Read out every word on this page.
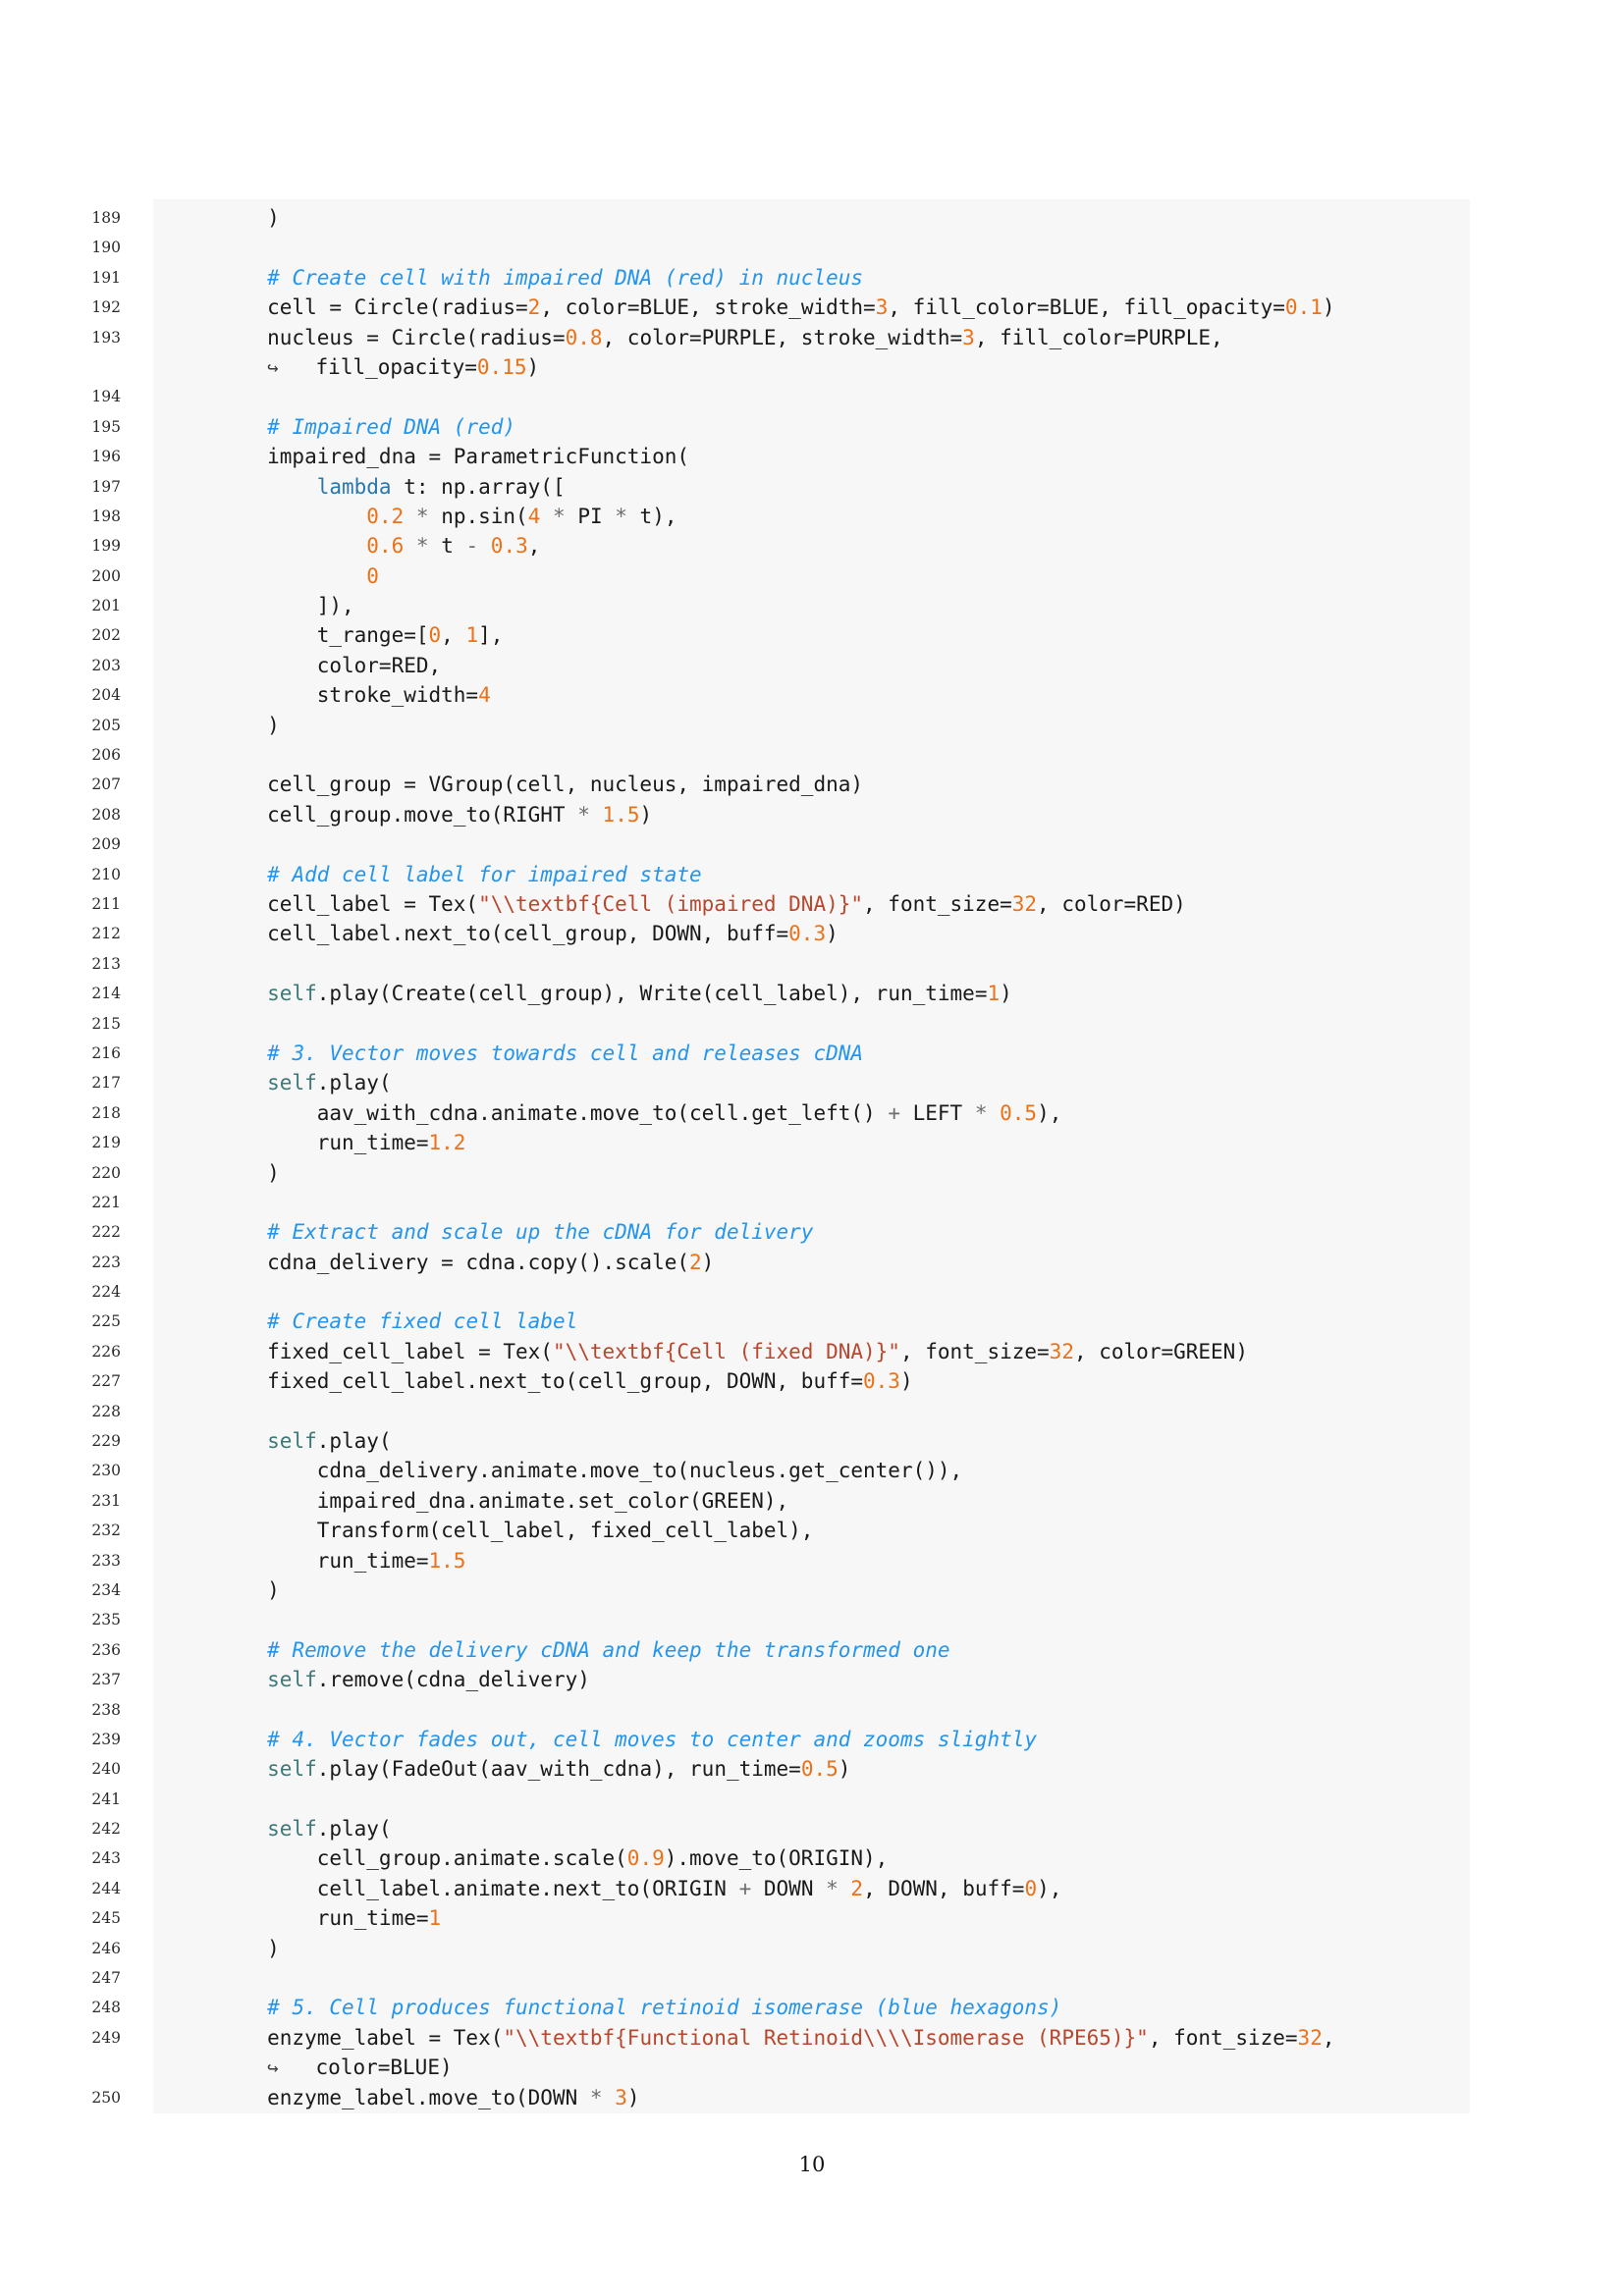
189 )
190
191	# Create cell with impaired DNA (red) in nucleus
192 cell = Circle(radius=2, color=BLUE, stroke_width=3, fill_color=BLUE, fill_opacity=0.1)
193 nucleus = Circle(radius=0.8, color=PURPLE, stroke_width=3, fill_color=PURPLE,
↪   fill_opacity=0.15)
194
195	# Impaired DNA (red)
196 impaired_dna = ParametricFunction(
197	lambda t: np.array([
198	0.2 * np.sin(4 * PI * t),
199	0.6 * t - 0.3,
200	0
201 ]),
202 t_range=[0, 1],
203 color=RED,
204 stroke_width=4
205 )
206
207 cell_group = VGroup(cell, nucleus, impaired_dna)
208 cell_group.move_to(RIGHT * 1.5)
209
210	# Add cell label for impaired state
211 cell_label = Tex("\\textbf{Cell (impaired DNA)}", font_size=32, color=RED)
212 cell_label.next_to(cell_group, DOWN, buff=0.3)
213
214	self.play(Create(cell_group), Write(cell_label), run_time=1)
215
216	# 3. Vector moves towards cell and releases cDNA
217	self.play(
218 aav_with_cdna.animate.move_to(cell.get_left() + LEFT * 0.5),
219 run_time=1.2
220 )
221
222	# Extract and scale up the cDNA for delivery
223 cdna_delivery = cdna.copy().scale(2)
224
225	# Create fixed cell label
226 fixed_cell_label = Tex("\\textbf{Cell (fixed DNA)}", font_size=32, color=GREEN)
227 fixed_cell_label.next_to(cell_group, DOWN, buff=0.3)
228
229	self.play(
230 cdna_delivery.animate.move_to(nucleus.get_center()),
231 impaired_dna.animate.set_color(GREEN),
232 Transform(cell_label, fixed_cell_label),
233 run_time=1.5
234 )
235
236	# Remove the delivery cDNA and keep the transformed one
237	self.remove(cdna_delivery)
238
239	# 4. Vector fades out, cell moves to center and zooms slightly
240	self.play(FadeOut(aav_with_cdna), run_time=0.5)
241
242	self.play(
243 cell_group.animate.scale(0.9).move_to(ORIGIN),
244 cell_label.animate.next_to(ORIGIN + DOWN * 2, DOWN, buff=0),
245 run_time=1
246 )
247
248	# 5. Cell produces functional retinoid isomerase (blue hexagons)
249 enzyme_label = Tex("\\textbf{Functional Retinoid\\\\Isomerase (RPE65)}", font_size=32,
↪   color=BLUE)
250 enzyme_label.move_to(DOWN * 3)
10
